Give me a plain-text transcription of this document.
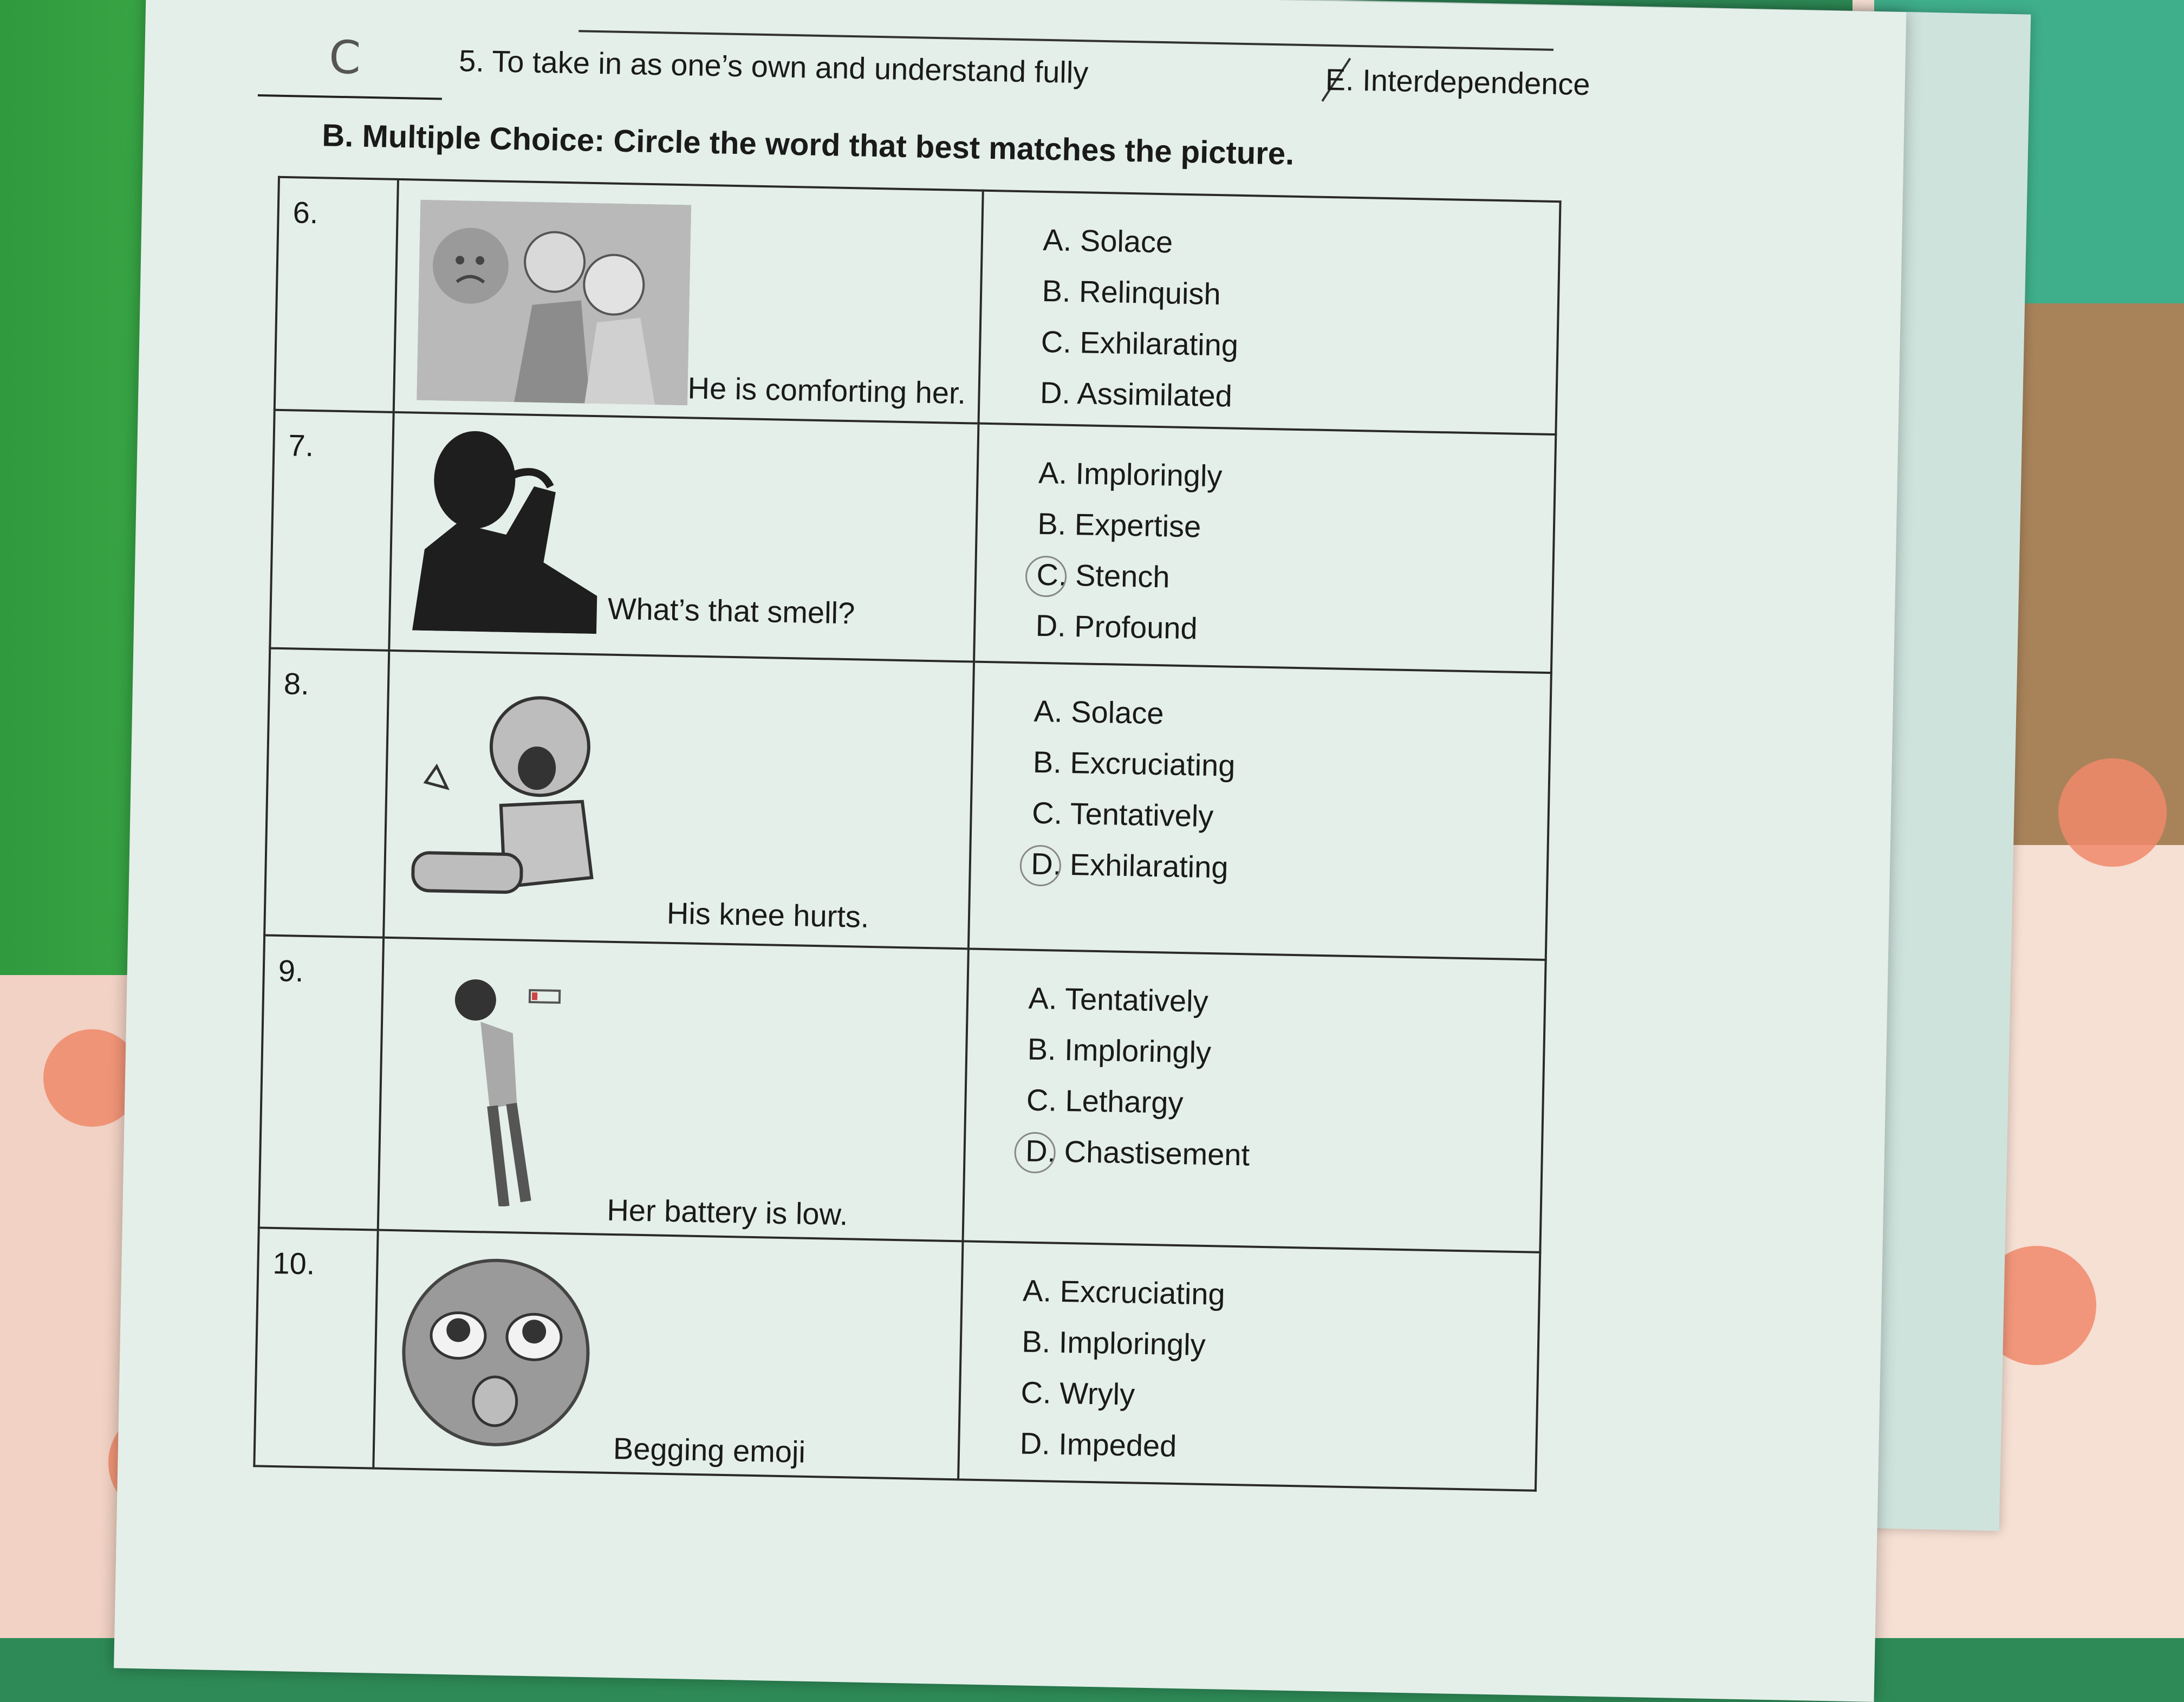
C	5. To take in as one’s own and understand fully	E. Interdependence
B. Multiple Choice: Circle the word that best matches the picture.
6.	He is comforting her.	A. Solace
B. Relinquish
C. Exhilarating
D. Assimilated

7.	What’s that smell?	A. Imploringly
B. Expertise
C. Stench
D. Profound

8.	His knee hurts.	A. Solace
B. Excruciating
C. Tentatively
D. Exhilarating

9.	Her battery is low.	A. Tentatively
B. Imploringly
C. Lethargy
D. Chastisement

10.	Begging emoji	A. Excruciating
B. Imploringly
C. Wryly
D. Impeded
